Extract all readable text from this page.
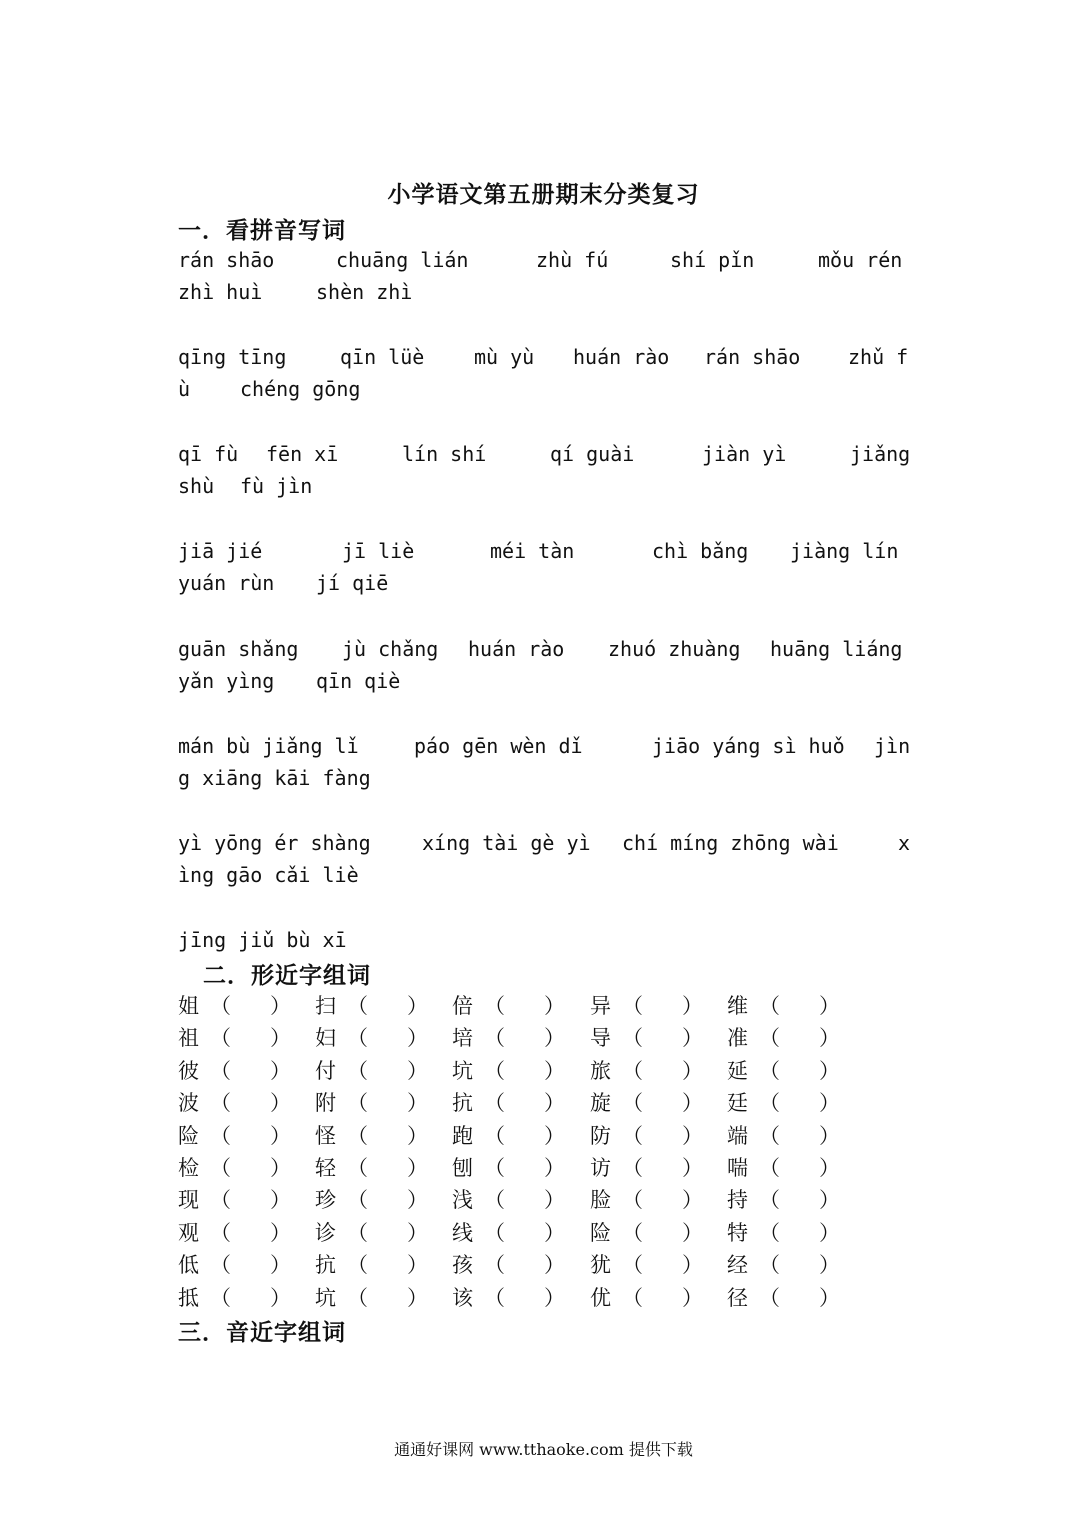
小学语文第五册期末分类复习
一．看拼音写词
rán shāo	chuāng lián	zhù fú	shí pǐn	mǒu rén
zhì huì	shèn zhì
qīng tīng	qīn lüè mù yù huán rào rán shāo zhǔ f
ù chéng gōng
qī fù fēn xī	lín shí	qí guài	jiàn yì	jiǎng
shù fù jìn
jiā jié	jī liè	méi tàn	chì bǎng jiàng lín
yuán rùn jí qiē
guān shǎng jù chǎng huán rào zhuó zhuàng huāng liáng
yǎn yìng qīn qiè
mán bù jiǎng lǐ	páo gēn wèn dǐ	jiāo yáng sì huǒ jìn
g xiāng kāi fàng
yì yōng ér shàng	xíng tài gè yì chí míng zhōng wài	x
ìng gāo cǎi liè
jīng jiǔ bù xī
二．形近字组词
姐 （ ） 扫 （ ） 倍 （ ） 异 （ ） 维 （ ）
祖 （ ） 妇 （ ） 培 （ ） 导 （ ） 准 （ ）
彼 （ ） 付 （ ） 坑 （ ） 旅 （ ） 延 （ ）
波 （ ） 附 （ ） 抗 （ ） 旋 （ ） 廷 （ ）
险 （ ） 怪 （ ） 跑 （ ） 防 （ ） 端 （ ）
检 （ ） 轻 （ ） 刨 （ ） 访 （ ） 喘 （ ）
现 （ ） 珍 （ ） 浅 （ ） 脸 （ ） 持 （ ）
观 （ ） 诊 （ ） 线 （ ） 险 （ ） 特 （ ）
低 （ ） 抗 （ ） 孩 （ ） 犹 （ ） 经 （ ）
抵 （ ） 坑 （ ） 该 （ ） 优 （ ） 径 （ ）
三．音近字组词
通通好课网 www.tthaoke.com 提供下载
